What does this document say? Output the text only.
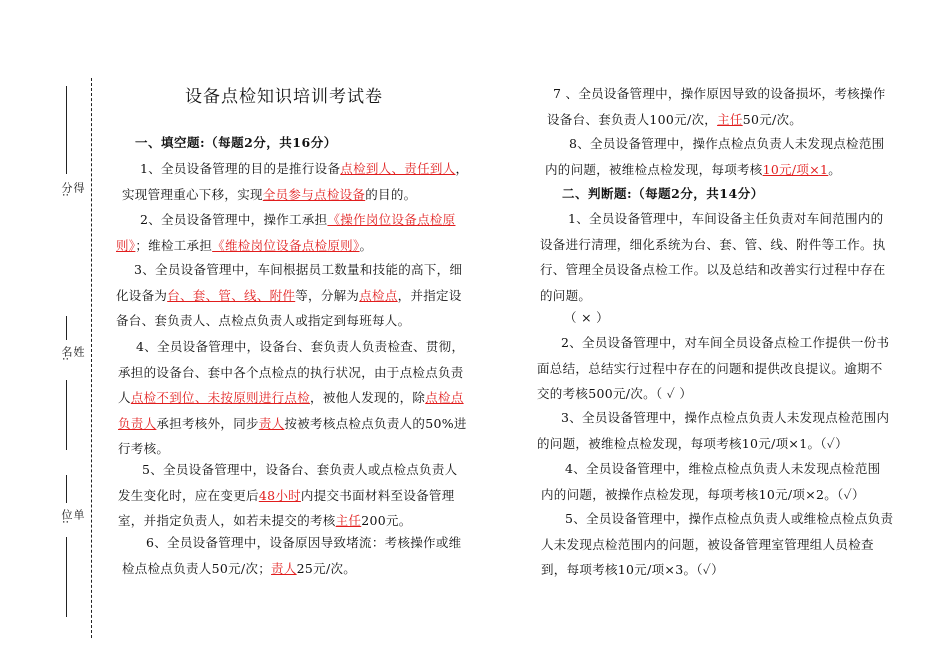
得分:
姓名:
单位:
设备点检知识培训考试卷
一、填空题:（每题2分，共16分）

1、全员设备管理的目的是推行设备点检到人、责任到人，实现管理重心下移，实现全员参与点检设备的目的。

2、全员设备管理中，操作工承担《操作岗位设备点检原则》；维检工承担《维检岗位设备点检原则》。

3、全员设备管理中，车间根据员工数量和技能的高下，细化设备为台、套、管、线、附件等，分解为点检点，并指定设备台、套负责人、点检点负责人或指定到每班每人。

4、全员设备管理中，设备台、套负责人负责检查、贯彻，承担的设备台、套中各个点检点的执行状况，由于点检点负责人点检不到位、未按原则进行点检，被他人发现的，除点检点负责人承担考核外，同步责人按被考核点检点负责人的50%进行考核。

5、全员设备管理中，设备台、套负责人或点检点负责人发生变化时，应在变更后48小时内提交书面材料至设备管理室，并指定负责人，如若未提交的考核主任200元。

6、全员设备管理中，设备原因导致堵流：考核操作或维检点检点负责人50元/次；责人25元/次。

7 、全员设备管理中，操作原因导致的设备损坏，考核操作设备台、套负责人100元/次，主任50元/次。

8、全员设备管理中，操作点检点负责人未发现点检范围内的问题，被维检点检发现，每项考核10元/项×1。

二、判断题:（每题2分，共14分）

1、全员设备管理中，车间设备主任负责对车间范围内的设备进行清理，细化系统为台、套、管、线、附件等工作。执行、管理全员设备点检工作。以及总结和改善实行过程中存在的问题。

（ × ）

2、全员设备管理中，对车间全员设备点检工作提供一份书面总结，总结实行过程中存在的问题和提供改良提议。逾期不交的考核500元/次。（ ✓ ）

3、全员设备管理中，操作点检点负责人未发现点检范围内的问题，被维检点检发现，每项考核10元/项×1。（✓）

4、全员设备管理中，维检点检点负责人未发现点检范围内的问题，被操作点检发现，每项考核10元/项×2。（✓）

5、全员设备管理中，操作点检点负责人或维检点检点负责人未发现点检范围内的问题，被设备管理室管理组人员检查到，每项考核10元/项×3。（✓）
